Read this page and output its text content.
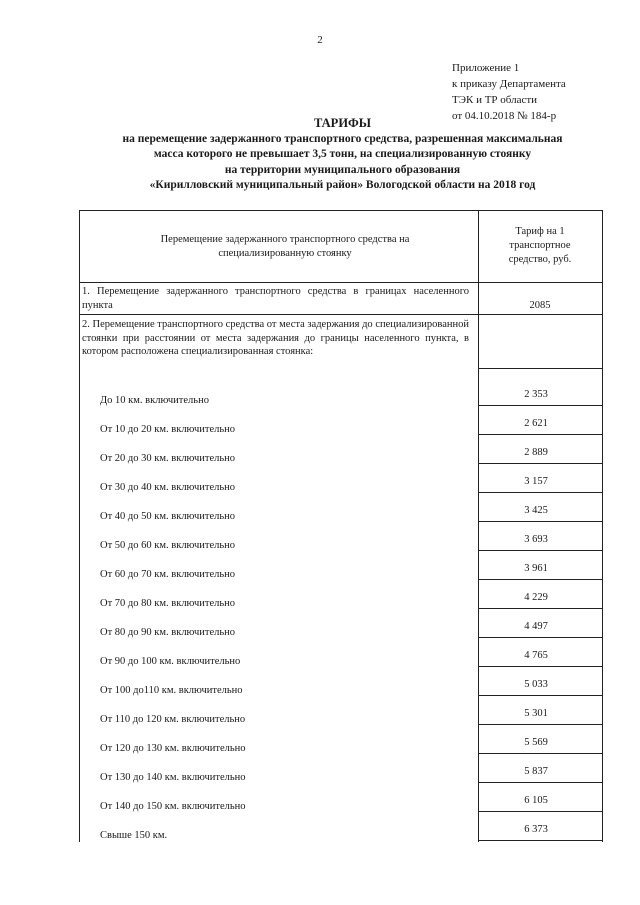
2
Приложение 1
к приказу Департамента
ТЭК и ТР области
от 04.10.2018 № 184-р
ТАРИФЫ
на перемещение задержанного транспортного средства, разрешенная максимальная
масса которого не превышает 3,5 тонн, на специализированную стоянку
на территории муниципального образования
«Кирилловский муниципальный район» Вологодской области на 2018 год
Перемещение задержанного транспортного средства на
специализированную стоянку
Тариф на 1
транспортное
средство, руб.
1. Перемещение задержанного транспортного средства в границах населенного пункта	2085
2. Перемещение транспортного средства от места задержания до специализированной стоянки при расстоянии от места задержания до границы населенного пункта, в котором расположена специализированная стоянка:
До 10 км. включительно
2 353
От 10 до 20 км. включительно
2 621
От 20 до 30 км. включительно
2 889
От 30 до 40 км. включительно
3 157
От 40 до 50 км. включительно
3 425
От 50 до 60 км. включительно
3 693
От 60 до 70 км. включительно
3 961
От 70 до 80 км. включительно
4 229
От 80 до 90 км. включительно
4 497
От 90 до 100 км. включительно
4 765
От 100 до110 км. включительно
5 033
От 110 до 120 км. включительно
5 301
От 120 до 130 км. включительно
5 569
От 130 до 140 км. включительно
5 837
От 140 до 150 км. включительно
6 105
Свыше 150 км.
6 373
